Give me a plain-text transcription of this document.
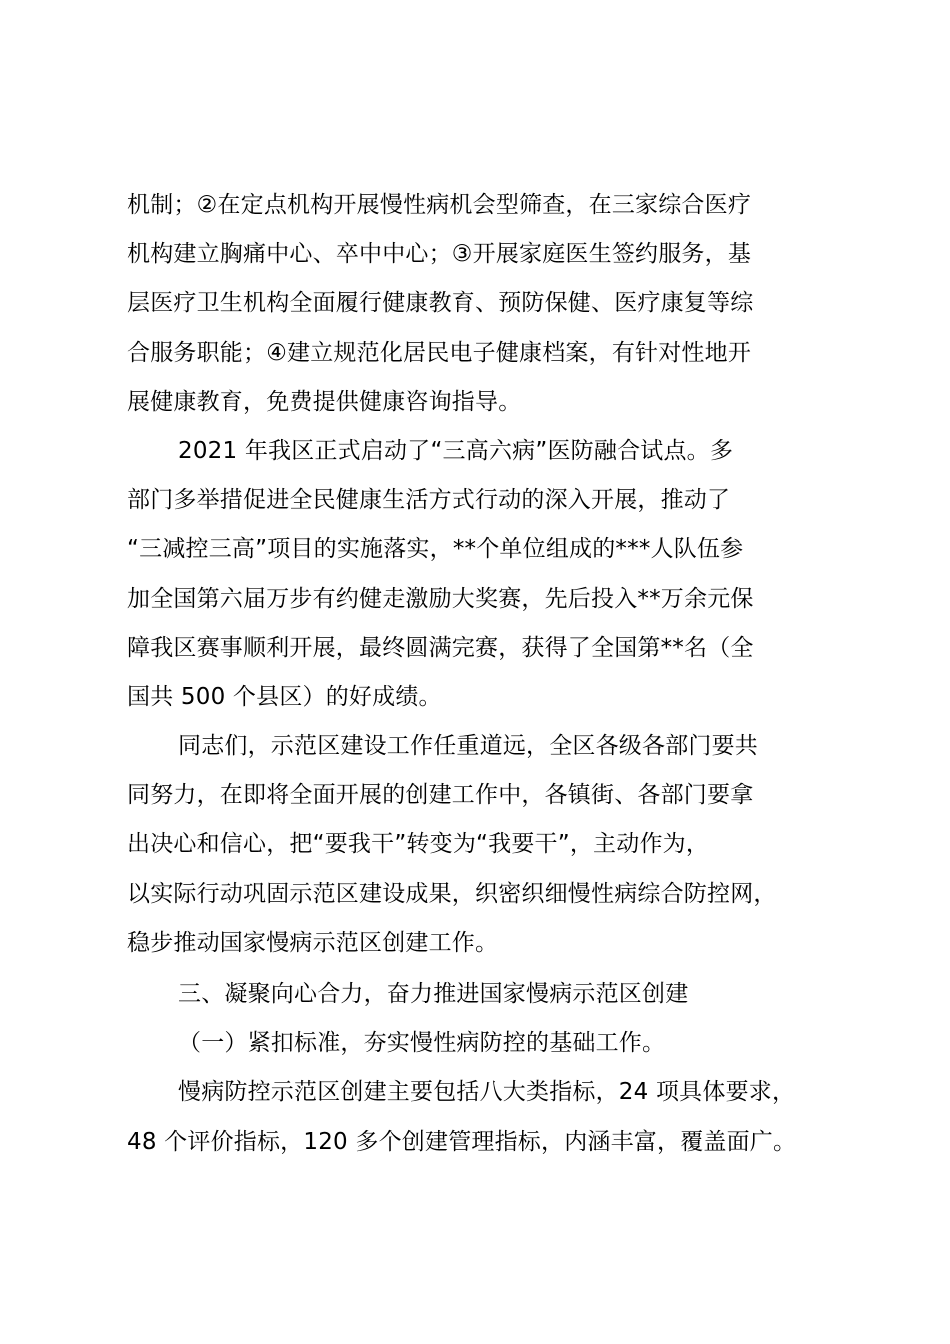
机制；②在定点机构开展慢性病机会型筛查，在三家综合医疗
机构建立胸痛中心、卒中中心；③开展家庭医生签约服务，基
层医疗卫生机构全面履行健康教育、预防保健、医疗康复等综
合服务职能；④建立规范化居民电子健康档案，有针对性地开
展健康教育，免费提供健康咨询指导。
2021 年我区正式启动了“三高六病”医防融合试点。多
部门多举措促进全民健康生活方式行动的深入开展，推动了
“三减控三高”项目的实施落实，**个单位组成的***人队伍参
加全国第六届万步有约健走激励大奖赛，先后投入**万余元保
障我区赛事顺利开展，最终圆满完赛，获得了全国第**名（全
国共 500 个县区）的好成绩。
同志们，示范区建设工作任重道远，全区各级各部门要共
同努力，在即将全面开展的创建工作中，各镇街、各部门要拿
出决心和信心，把“要我干”转变为“我要干”，主动作为，
以实际行动巩固示范区建设成果，织密织细慢性病综合防控网，
稳步推动国家慢病示范区创建工作。
三、凝聚向心合力，奋力推进国家慢病示范区创建
（一）紧扣标准，夯实慢性病防控的基础工作。
慢病防控示范区创建主要包括八大类指标，24 项具体要求，
48 个评价指标，120 多个创建管理指标，内涵丰富，覆盖面广。
